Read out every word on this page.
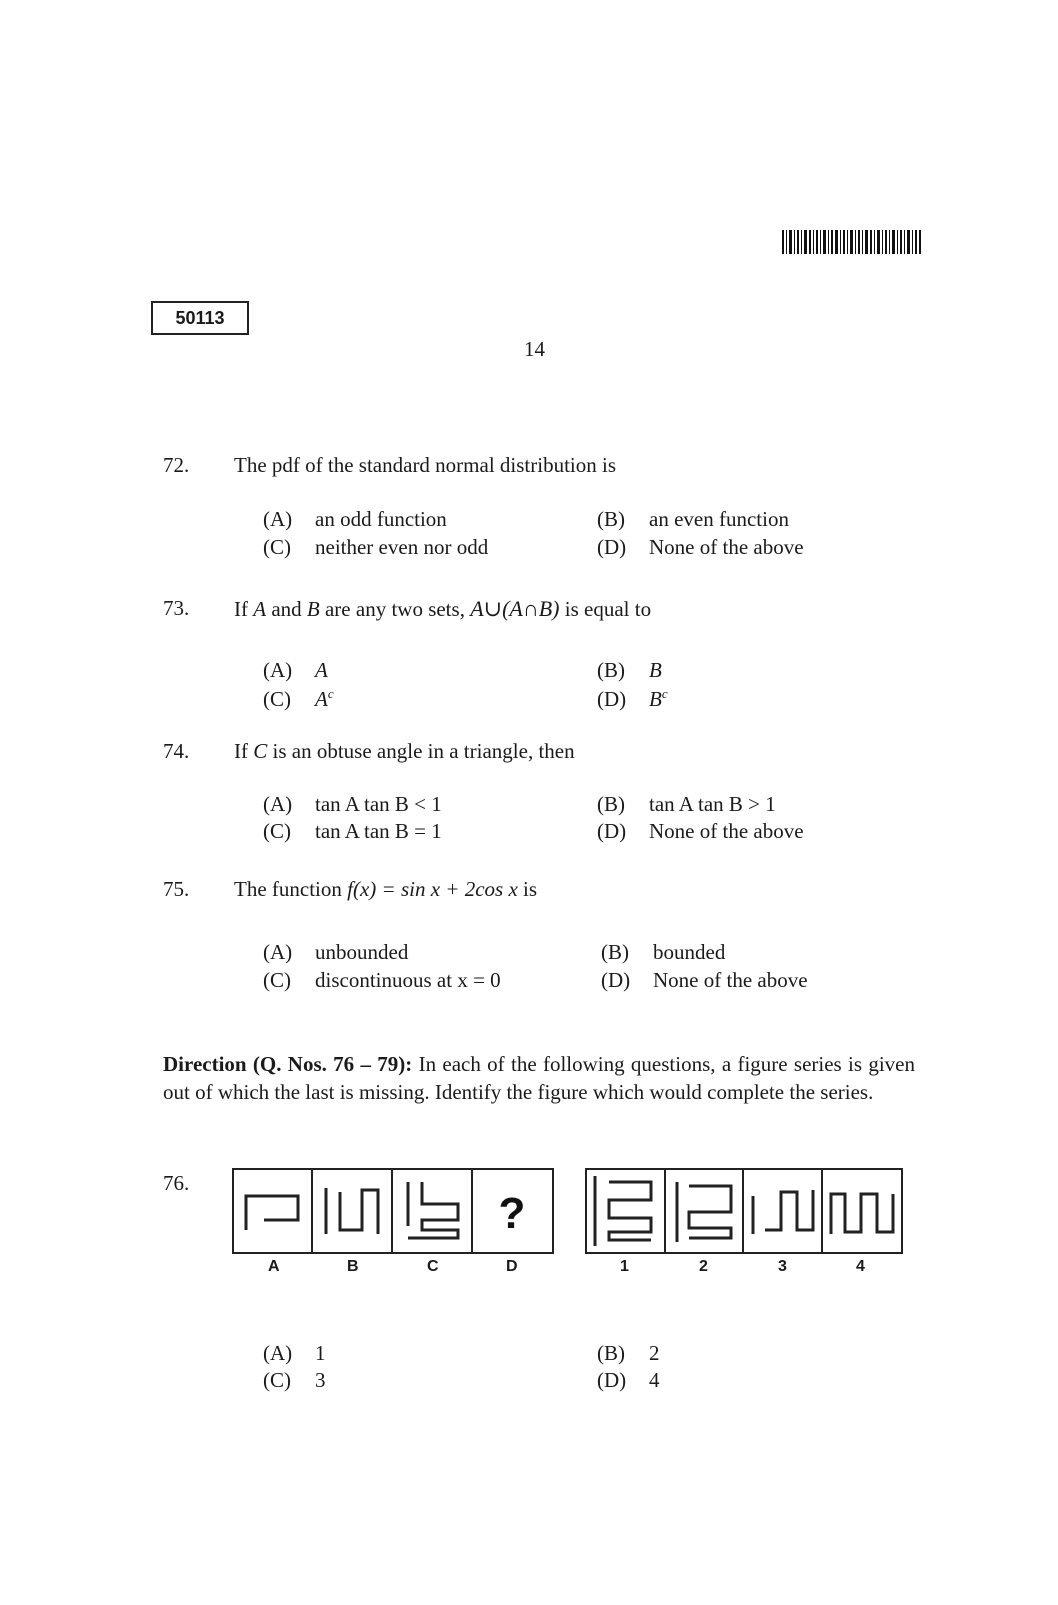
50113
14
72. The pdf of the standard normal distribution is
(A) an odd function	(B) an even function
(C) neither even nor odd	(D) None of the above
73. If A and B are any two sets, A∪(A∩B) is equal to
(A) A	(B) B
(C) $A^c$	(D) $B^c$
74. If C is an obtuse angle in a triangle, then
(A) tan A tan B < 1	(B) tan A tan B > 1
(C) tan A tan B = 1	(D) None of the above
75. The function f(x) = sin x + 2cos x is
(A) unbounded	(B) bounded
(C) discontinuous at x = 0	(D) None of the above
Direction (Q. Nos. 76 – 79): In each of the following questions, a figure series is given out of which the last is missing. Identify the figure which would complete the series.
76.
?
A	B	C	D	1	2	3	4
(A) 1	(B) 2
(C) 3	(D) 4
